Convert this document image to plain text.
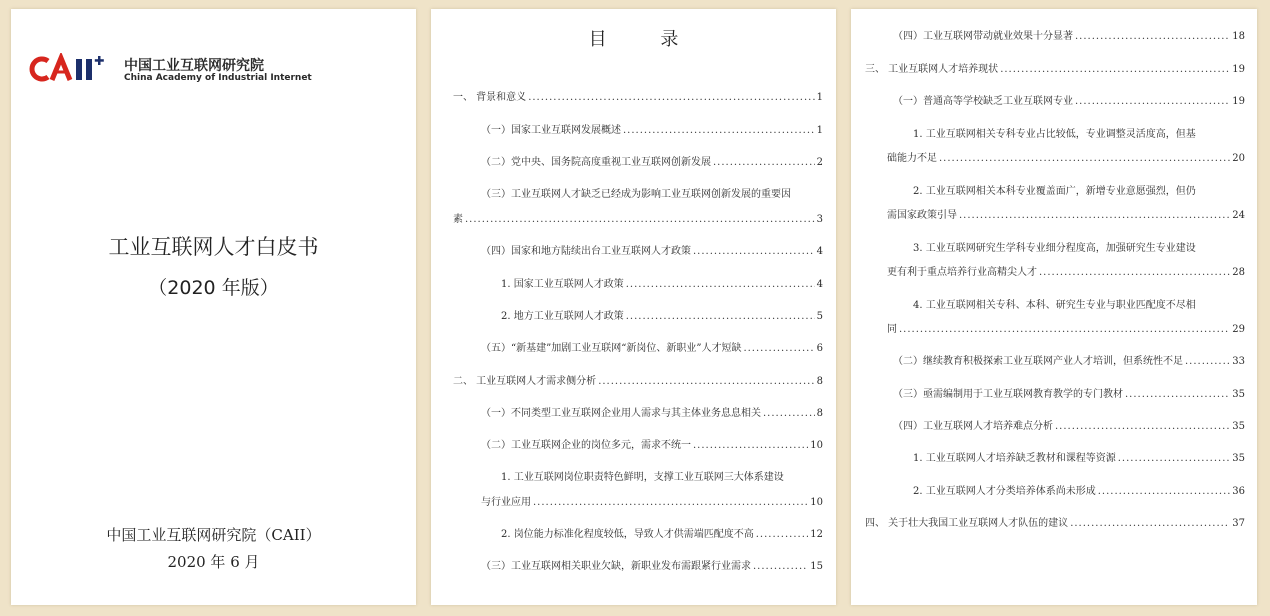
中国工业互联网研究院
China Academy of Industrial Internet
工业互联网人才白皮书
（2020 年版）
中国工业互联网研究院（CAII）
2020 年 6 月
目 录
一、 背景和意义 .....	1
（一）国家工业互联网发展概述 .....	1
（二）党中央、国务院高度重视工业互联网创新发展 .....	2
（三）工业互联网人才缺乏已经成为影响工业互联网创新发展的重要因
素 .....	3
（四）国家和地方陆续出台工业互联网人才政策 .....	4
1. 国家工业互联网人才政策 .....	4
2. 地方工业互联网人才政策 .....	5
（五）“新基建”加剧工业互联网“新岗位、新职业”人才短缺 .....	6
二、 工业互联网人才需求侧分析 .....	8
（一）不同类型工业互联网企业用人需求与其主体业务息息相关 .....	8
（二）工业互联网企业的岗位多元，需求不统一 .....	10
1. 工业互联网岗位职责特色鲜明，支撑工业互联网三大体系建设
与行业应用 .....	10
2. 岗位能力标准化程度较低，导致人才供需端匹配度不高 .....	12
（三）工业互联网相关职业欠缺，新职业发布需跟紧行业需求 .....	15
（四）工业互联网带动就业效果十分显著 .....	18
三、 工业互联网人才培养现状 .....	19
（一）普通高等学校缺乏工业互联网专业 .....	19
1. 工业互联网相关专科专业占比较低，专业调整灵活度高，但基
础能力不足 .....	20
2. 工业互联网相关本科专业覆盖面广，新增专业意愿强烈，但仍
需国家政策引导 .....	24
3. 工业互联网研究生学科专业细分程度高，加强研究生专业建设
更有利于重点培养行业高精尖人才 .....	28
4. 工业互联网相关专科、本科、研究生专业与职业匹配度不尽相
同 .....	29
（二）继续教育积极探索工业互联网产业人才培训，但系统性不足 .....	33
（三）亟需编制用于工业互联网教育教学的专门教材 .....	35
（四）工业互联网人才培养难点分析 .....	35
1. 工业互联网人才培养缺乏教材和课程等资源 .....	35
2. 工业互联网人才分类培养体系尚未形成 .....	36
四、 关于壮大我国工业互联网人才队伍的建议 .....	37
